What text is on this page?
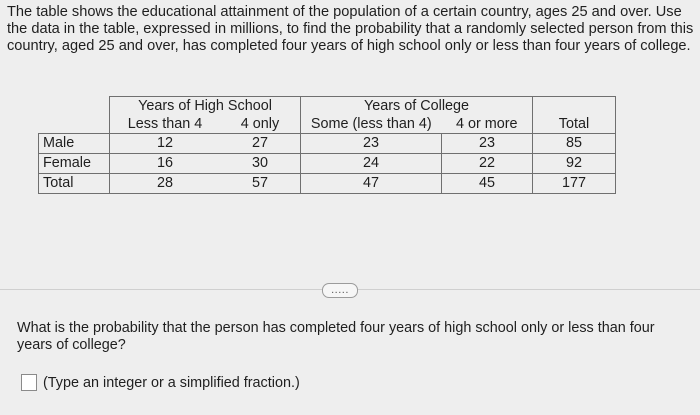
The table shows the educational attainment of the population of a certain country, ages 25 and over. Use the data in the table, expressed in millions, to find the probability that a randomly selected person from this country, aged 25 and over, has completed four years of high school only or less than four years of college.
	Years of High School		Years of College		
	Less than 4	4 only	Some (less than 4)	4 or more	Total
Male	12	27	23	23	85
Female	16	30	24	22	92
Total	28	57	47	45	177
.....
What is the probability that the person has completed four years of high school only or less than four years of college?
(Type an integer or a simplified fraction.)
